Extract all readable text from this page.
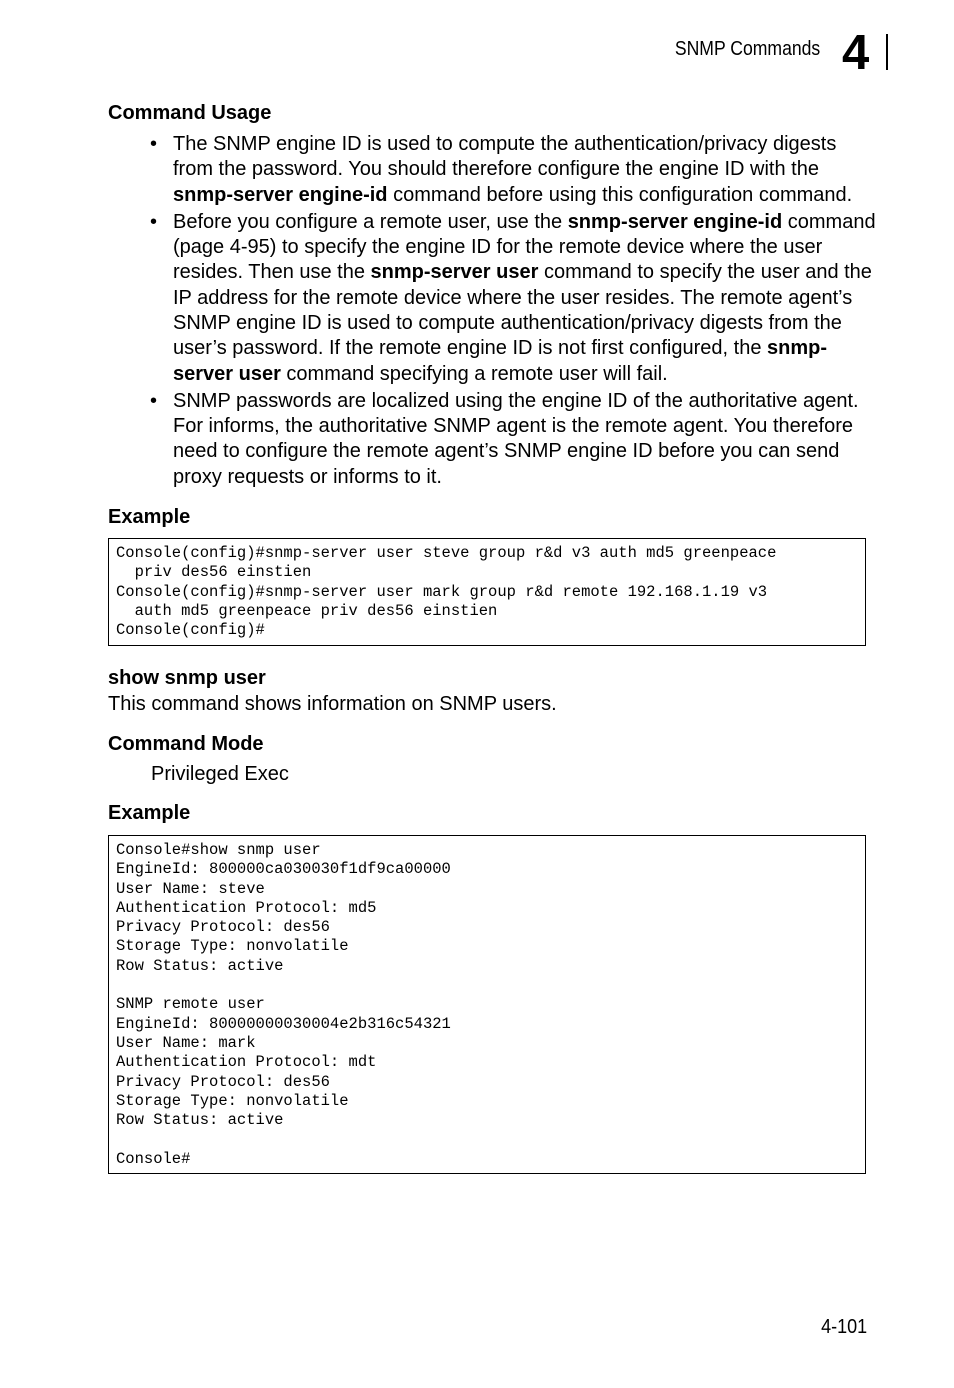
SNMP Commands 4
Command Usage
• The SNMP engine ID is used to compute the authentication/privacy digests from the password. You should therefore configure the engine ID with the snmp-server engine-id command before using this configuration command.
• Before you configure a remote user, use the snmp-server engine-id command (page 4-95) to specify the engine ID for the remote device where the user resides. Then use the snmp-server user command to specify the user and the IP address for the remote device where the user resides. The remote agent’s SNMP engine ID is used to compute authentication/privacy digests from the user’s password. If the remote engine ID is not first configured, the snmp-server user command specifying a remote user will fail.
• SNMP passwords are localized using the engine ID of the authoritative agent. For informs, the authoritative SNMP agent is the remote agent. You therefore need to configure the remote agent’s SNMP engine ID before you can send proxy requests or informs to it.
Example
Console(config)#snmp-server user steve group r&d v3 auth md5 greenpeace
priv des56 einstien
Console(config)#snmp-server user mark group r&d remote 192.168.1.19 v3
auth md5 greenpeace priv des56 einstien
Console(config)#
show snmp user
This command shows information on SNMP users.
Command Mode
Privileged Exec
Example
Console#show snmp user
EngineId: 800000ca030030f1df9ca00000
User Name: steve
Authentication Protocol: md5
Privacy Protocol: des56
Storage Type: nonvolatile
Row Status: active

SNMP remote user
EngineId: 80000000030004e2b316c54321
User Name: mark
Authentication Protocol: mdt
Privacy Protocol: des56
Storage Type: nonvolatile
Row Status: active

Console#
4-101
